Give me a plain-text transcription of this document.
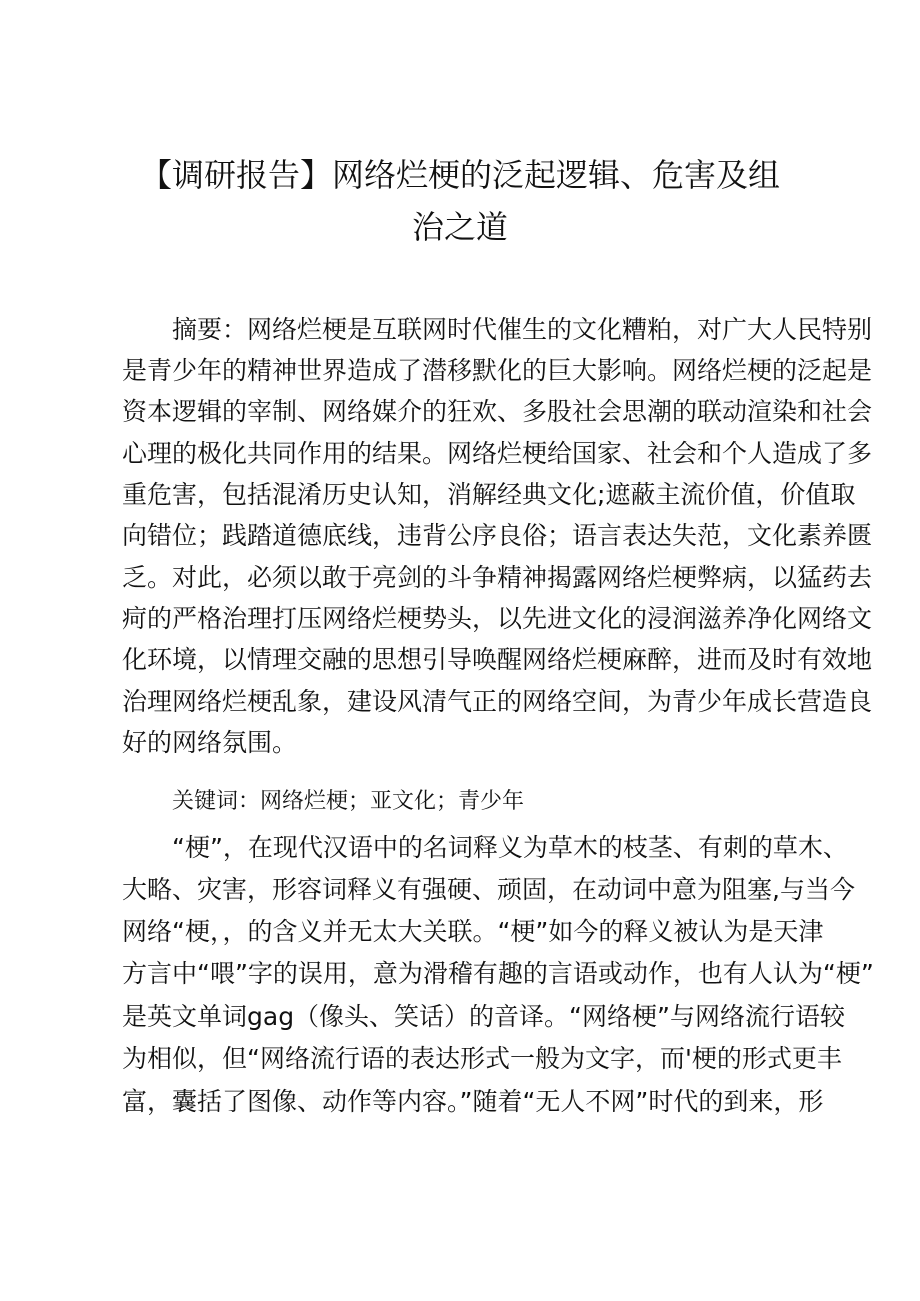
【调研报告】网络烂梗的泛起逻辑、危害及组
治之道
摘要：网络烂梗是互联网时代催生的文化糟粕，对广大人民特别
是青少年的精神世界造成了潜移默化的巨大影响。网络烂梗的泛起是
资本逻辑的宰制、网络媒介的狂欢、多股社会思潮的联动渲染和社会
心理的极化共同作用的结果。网络烂梗给国家、社会和个人造成了多
重危害，包括混淆历史认知，消解经典文化;遮蔽主流价值，价值取
向错位；践踏道德底线，违背公序良俗；语言表达失范，文化素养匮
乏。对此，必须以敢于亮剑的斗争精神揭露网络烂梗弊病，以猛药去
疴的严格治理打压网络烂梗势头，以先进文化的浸润滋养净化网络文
化环境，以情理交融的思想引导唤醒网络烂梗麻醉，进而及时有效地
治理网络烂梗乱象，建设风清气正的网络空间，为青少年成长营造良
好的网络氛围。
关键词：网络烂梗；亚文化；青少年
“梗”，在现代汉语中的名词释义为草木的枝茎、有刺的草木、
大略、灾害，形容词释义有强硬、顽固，在动词中意为阻塞,与当今
网络“梗，，的含义并无太大关联。“梗”如今的释义被认为是天津
方言中“喂”字的误用，意为滑稽有趣的言语或动作，也有人认为“梗”
是英文单词gag（像头、笑话）的音译。“网络梗”与网络流行语较
为相似，但“网络流行语的表达形式一般为文字，而'梗的形式更丰
富，囊括了图像、动作等内容。”随着“无人不网”时代的到来，形
